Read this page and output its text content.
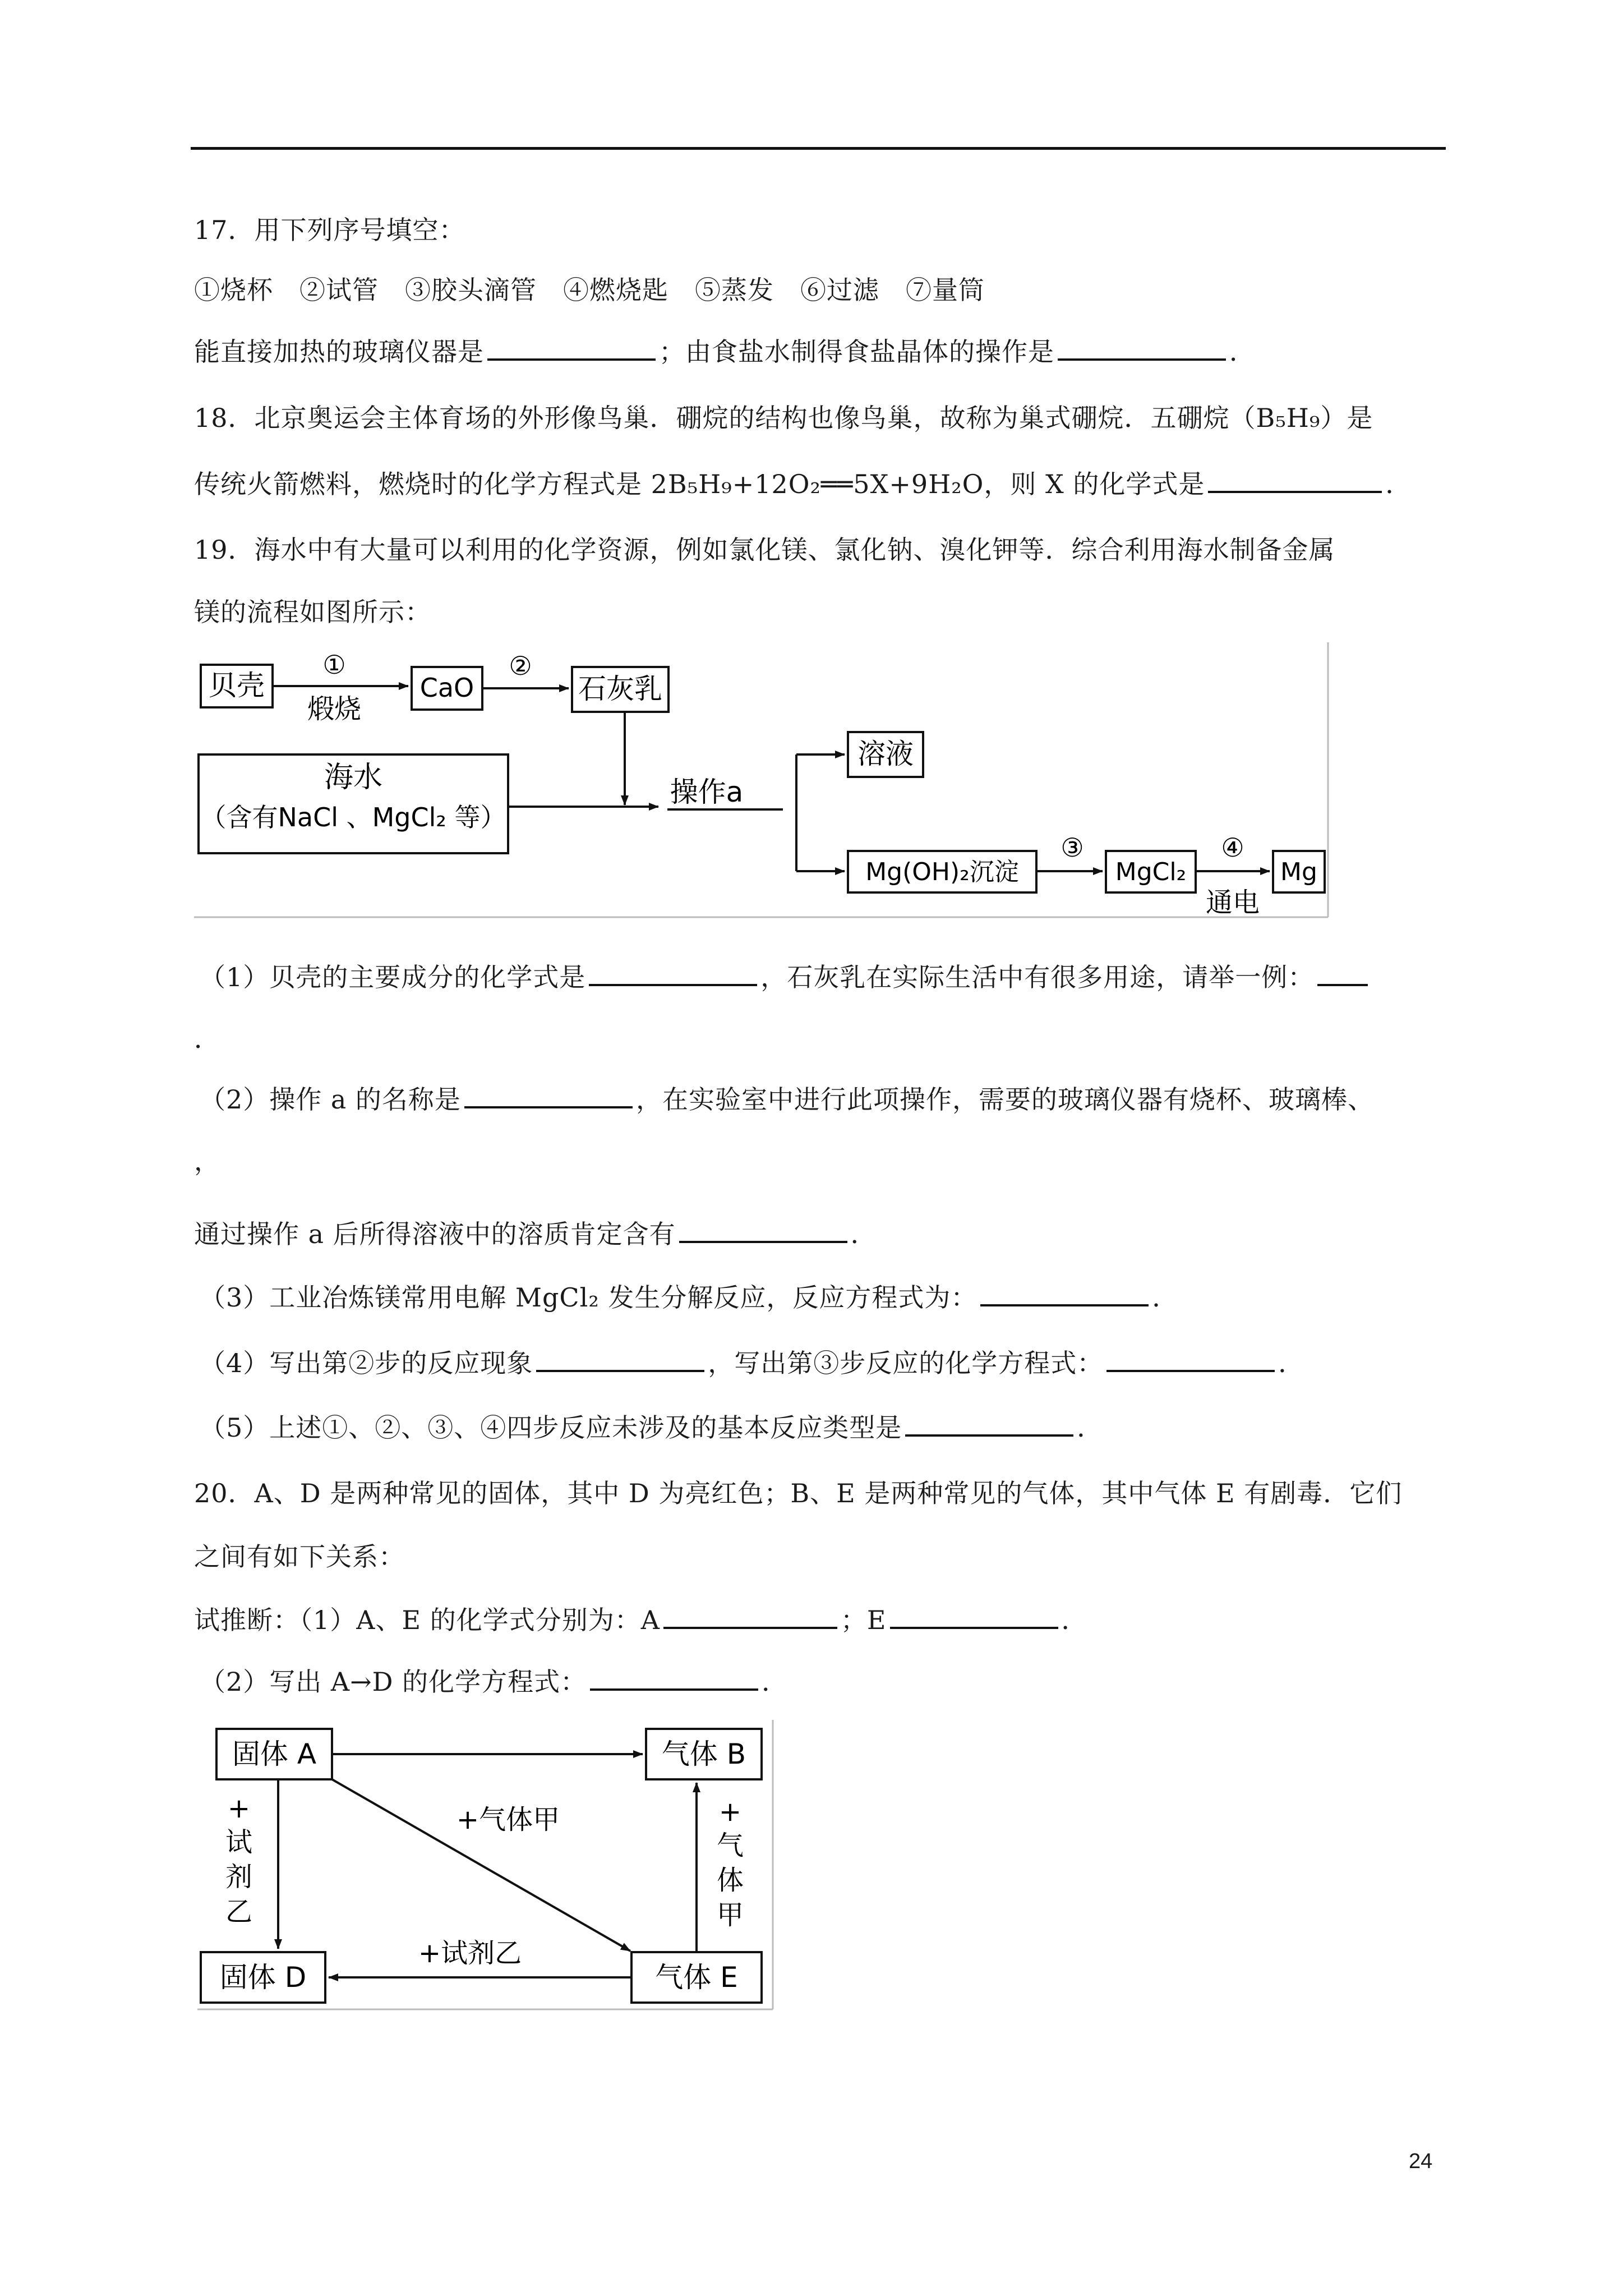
17．用下列序号填空：
①烧杯　②试管　③胶头滴管　④燃烧匙　⑤蒸发　⑥过滤　⑦量筒
能直接加热的玻璃仪器是	；由食盐水制得食盐晶体的操作是	．
18．北京奥运会主体育场的外形像鸟巢．硼烷的结构也像鸟巢，故称为巢式硼烷．五硼烷（B₅H₉）是
传统火箭燃料，燃烧时的化学方程式是 2B₅H₉+12O₂══5X+9H₂O，则 X 的化学式是	．
19．海水中有大量可以利用的化学资源，例如氯化镁、氯化钠、溴化钾等．综合利用海水制备金属
镁的流程如图所示：
贝壳
①
煅烧
CaO
②
石灰乳
海水
（含有NaCl 、MgCl₂ 等）
操作a
溶液
Mg(OH)₂沉淀
③
MgCl₂
④
通电
Mg
（1）贝壳的主要成分的化学式是	，石灰乳在实际生活中有很多用途，请举一例：
．
（2）操作 a 的名称是	，在实验室中进行此项操作，需要的玻璃仪器有烧杯、玻璃棒、
，
通过操作 a 后所得溶液中的溶质肯定含有	．
（3）工业冶炼镁常用电解 MgCl₂ 发生分解反应，反应方程式为：	．
（4）写出第②步的反应现象	，写出第③步反应的化学方程式：	．
（5）上述①、②、③、④四步反应未涉及的基本反应类型是	．
20．A、D 是两种常见的固体，其中 D 为亮红色；B、E 是两种常见的气体，其中气体 E 有剧毒．它们
之间有如下关系：
试推断：（1）A、E 的化学式分别为：A	；E	．
（2）写出 A→D 的化学方程式：	．
固体 A	气体 B
固体 D	气体 E
+
试
剂
乙
+气体甲
+试剂乙
+
气
体
甲
24
